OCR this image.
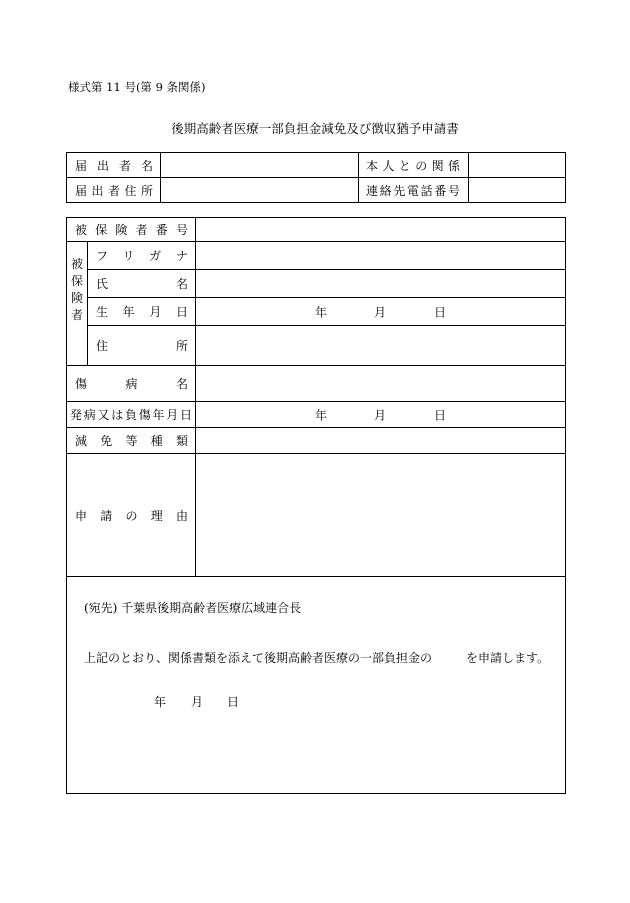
様式第 11 号(第 9 条関係)
後期高齢者医療一部負担金減免及び徴収猶予申請書
届出者名		本人との関係	
届出者住所		連絡先電話番号	
被保険者番号		

被
保
険
者	フリガナ	
	氏名	
	生年月日	年 月 日

	住所	
傷病名		
発病又は負傷年月日		年 月 日

減免等種類		
申請の理由		

(宛先) 千葉県後期高齢者医療広域連合長
上記のとおり、関係書類を添えて後期高齢者医療の一部負担金の を申請します。
年 月 日		
